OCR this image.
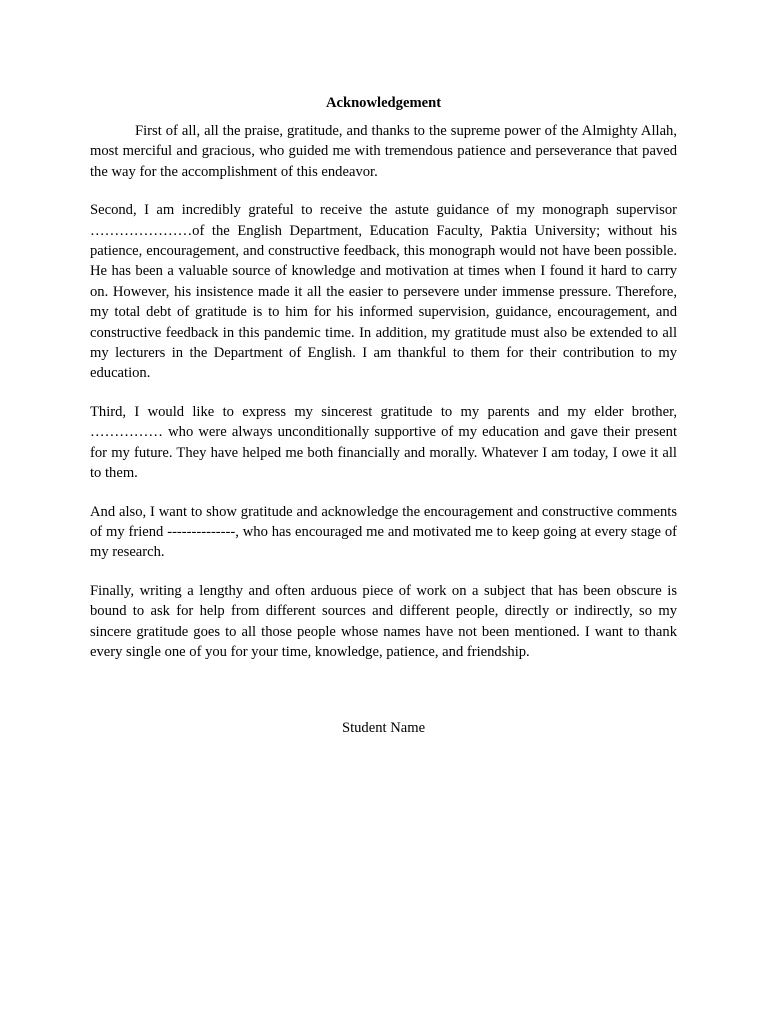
Acknowledgement

First of all, all the praise, gratitude, and thanks to the supreme power of the Almighty Allah, most merciful and gracious, who guided me with tremendous patience and perseverance that paved the way for the accomplishment of this endeavor.

Second, I am incredibly grateful to receive the astute guidance of my monograph supervisor …………………of the English Department, Education Faculty, Paktia University; without his patience, encouragement, and constructive feedback, this monograph would not have been possible. He has been a valuable source of knowledge and motivation at times when I found it hard to carry on. However, his insistence made it all the easier to persevere under immense pressure. Therefore, my total debt of gratitude is to him for his informed supervision, guidance, encouragement, and constructive feedback in this pandemic time. In addition, my gratitude must also be extended to all my lecturers in the Department of English. I am thankful to them for their contribution to my education.

Third, I would like to express my sincerest gratitude to my parents and my elder brother, …………… who were always unconditionally supportive of my education and gave their present for my future. They have helped me both financially and morally. Whatever I am today, I owe it all to them.

And also, I want to show gratitude and acknowledge the encouragement and constructive comments of my friend --------------, who has encouraged me and motivated me to keep going at every stage of my research.

Finally, writing a lengthy and often arduous piece of work on a subject that has been obscure is bound to ask for help from different sources and different people, directly or indirectly, so my sincere gratitude goes to all those people whose names have not been mentioned. I want to thank every single one of you for your time, knowledge, patience, and friendship.

Student Name
